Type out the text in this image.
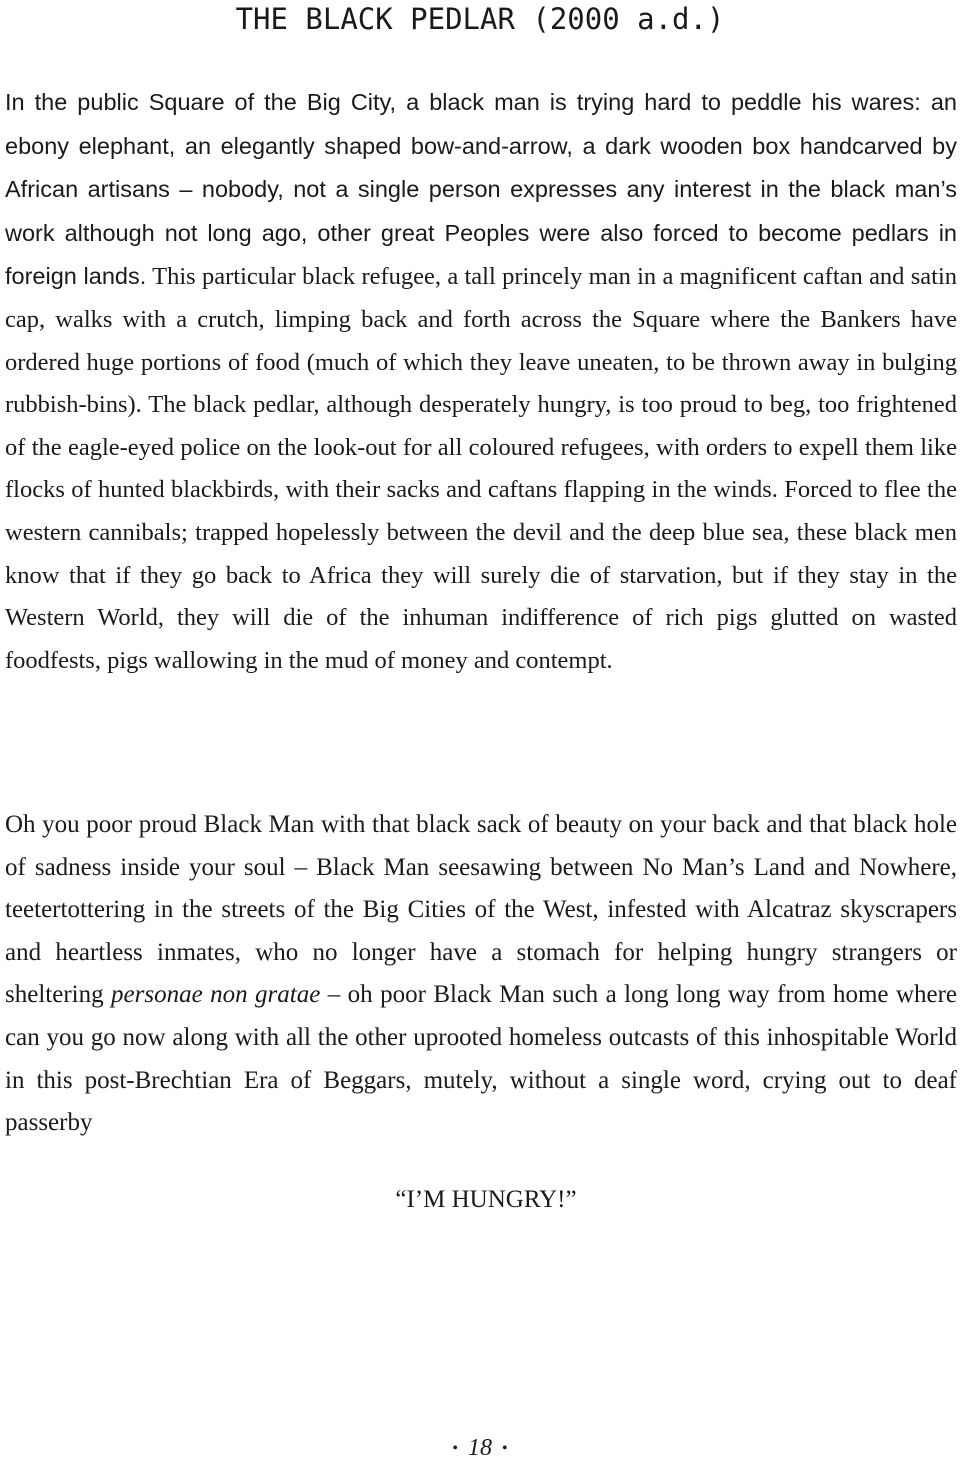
THE BLACK PEDLAR (2000 a.d.)

In the public Square of the Big City, a black man is trying hard to peddle his wares: an ebony elephant, an elegantly shaped bow-and-arrow, a dark wooden box handcarved by African artisans – nobody, not a single person expresses any interest in the black man’s work although not long ago, other great Peoples were also forced to become pedlars in foreign lands. This particular black refugee, a tall princely man in a magnificent caftan and satin cap, walks with a crutch, limping back and forth across the Square where the Bankers have ordered huge portions of food (much of which they leave uneaten, to be thrown away in bulging rubbish-bins). The black pedlar, although desperately hungry, is too proud to beg, too frightened of the eagle-eyed police on the look-out for all coloured refugees, with orders to expell them like flocks of hunted blackbirds, with their sacks and caftans flapping in the winds. Forced to flee the western cannibals; trapped hopelessly between the devil and the deep blue sea, these black men know that if they go back to Africa they will surely die of starvation, but if they stay in the Western World, they will die of the inhuman indifference of rich pigs glutted on wasted foodfests, pigs wallowing in the mud of money and contempt.

Oh you poor proud Black Man with that black sack of beauty on your back and that black hole of sadness inside your soul – Black Man seesawing between No Man’s Land and Nowhere, teetertottering in the streets of the Big Cities of the West, infested with Alcatraz skyscrapers and heartless inmates, who no longer have a stomach for helping hungry strangers or sheltering personae non gratae – oh poor Black Man such a long long way from home where can you go now along with all the other uprooted homeless outcasts of this inhospitable World in this post-Brechtian Era of Beggars, mutely, without a single word, crying out to deaf passerby

“I’M HUNGRY!”

• 18 •
